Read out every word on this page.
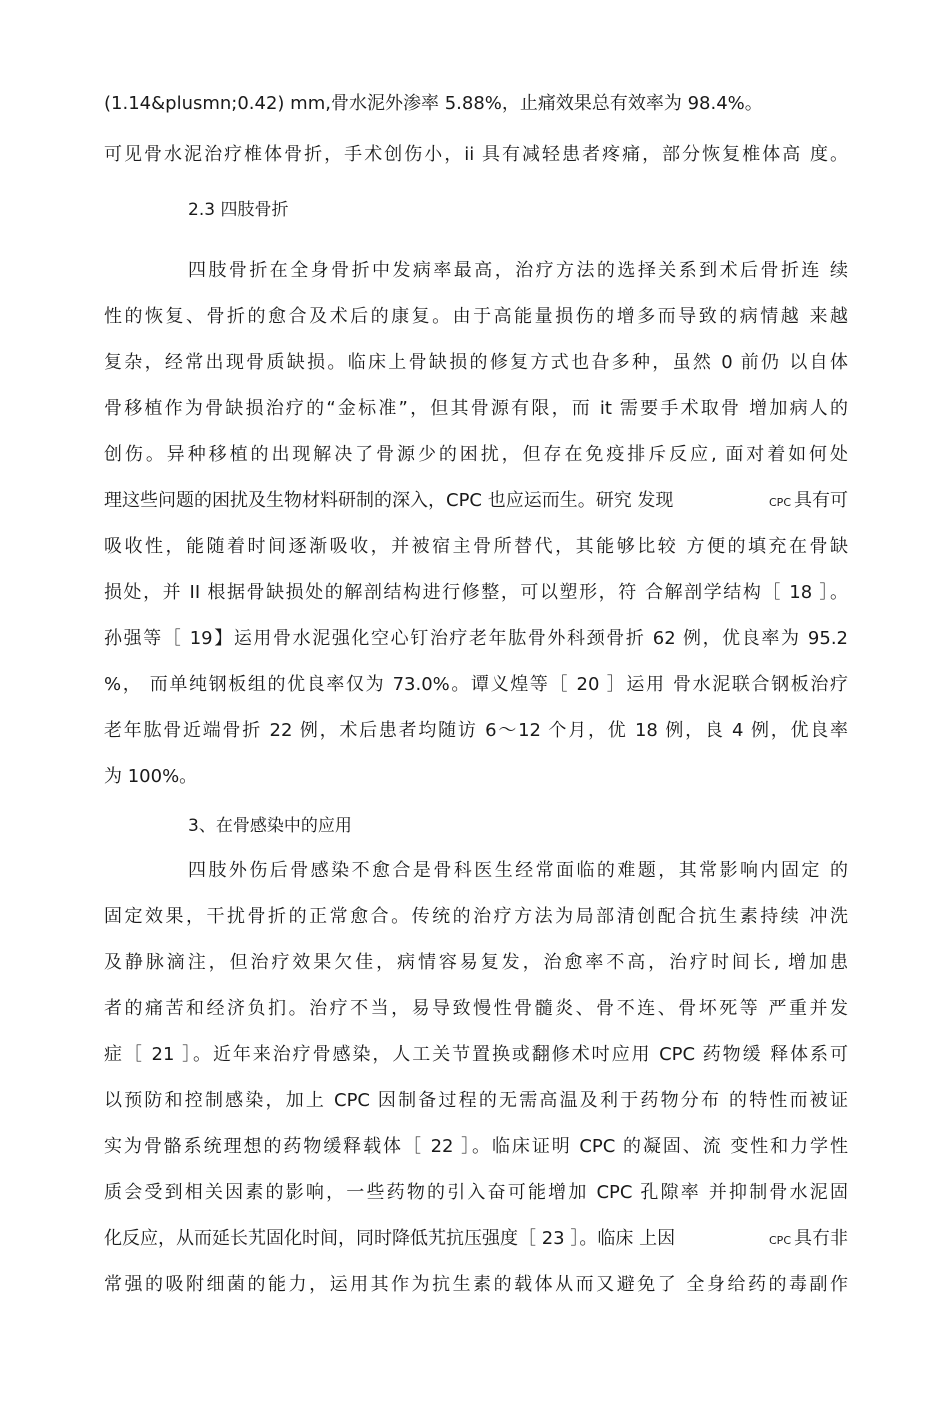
(1.14&plusmn;0.42) mm,骨水泥外渗率 5.88%，止痛效果总有效率为 98.4%。
可见骨水泥治疗椎体骨折，手术创伤小，ii 具有减轻患者疼痛，部分恢复椎体高 度。
2.3 四肢骨折
四肢骨折在全身骨折中发病率最高，治疗方法的选择关系到术后骨折连 续
性的恢复、骨折的愈合及术后的康复。由于高能量损伤的增多而导致的病情越 来越
复杂，经常出现骨质缺损。临床上骨缺损的修复方式也旮多种，虽然 0 前仍 以自体
骨移植作为骨缺损治疗的“金标准”，但其骨源有限，而 it 需要手术取骨 增加病人的
创伤。异种移植的出现解决了骨源少的困扰，但存在免疫排斥反应, 面对着如何处
理这些问题的困扰及生物材料研制的深入，CPC 也应运而生。研究 发现	CPC 具有可
吸收性，能随着时间逐渐吸收，并被宿主骨所替代，其能够比较 方便的填充在骨缺
损处，并 II 根据骨缺损处的解剖结构进行修整，可以塑形，符 合解剖学结构［ 18 ］。
孙强等［ 19】运用骨水泥强化空心钉治疗老年肱骨外科颈骨折 62 例，优良率为 95.2
%， 而单纯钢板组的优良率仅为 73.0%。谭义煌等［ 20 ］运用 骨水泥联合钢板治疗
老年肱骨近端骨折 22 例，术后患者均随访 6〜12 个月，优 18 例，良 4 例，优良率
为 100%。
3、在骨感染中的应用
四肢外伤后骨感染不愈合是骨科医生经常面临的难题，其常影响内固定 的
固定效果，干扰骨折的正常愈合。传统的治疗方法为局部清创配合抗生素持续 冲洗
及静脉滴注，但治疗效果欠佳，病情容易复发，治愈率不高，治疗时间长, 增加患
者的痛苦和经济负扪。治疗不当，易导致慢性骨髓炎、骨不连、骨坏死等 严重并发
症［ 21 ］。近年来治疗骨感染，人工关节置换或翻修术吋应用 CPC 药物缓 释体系可
以预防和控制感染，加上 CPC 因制备过程的无需高温及利于药物分布 的特性而被证
实为骨骼系统理想的药物缓释载体［ 22 ］。临床证明 CPC 的凝固、流 变性和力学性
质会受到相关因素的影响，一些药物的引入奋可能增加 CPC 孔隙率 并抑制骨水泥固
化反应，从而延长艽固化时间，同时降低艽抗压强度［ 23 ］。临床 上因	CPC 具冇非
常强的吸附细菌的能力，运用其作为抗生素的载体从而又避免了 全身给药的毒副作
